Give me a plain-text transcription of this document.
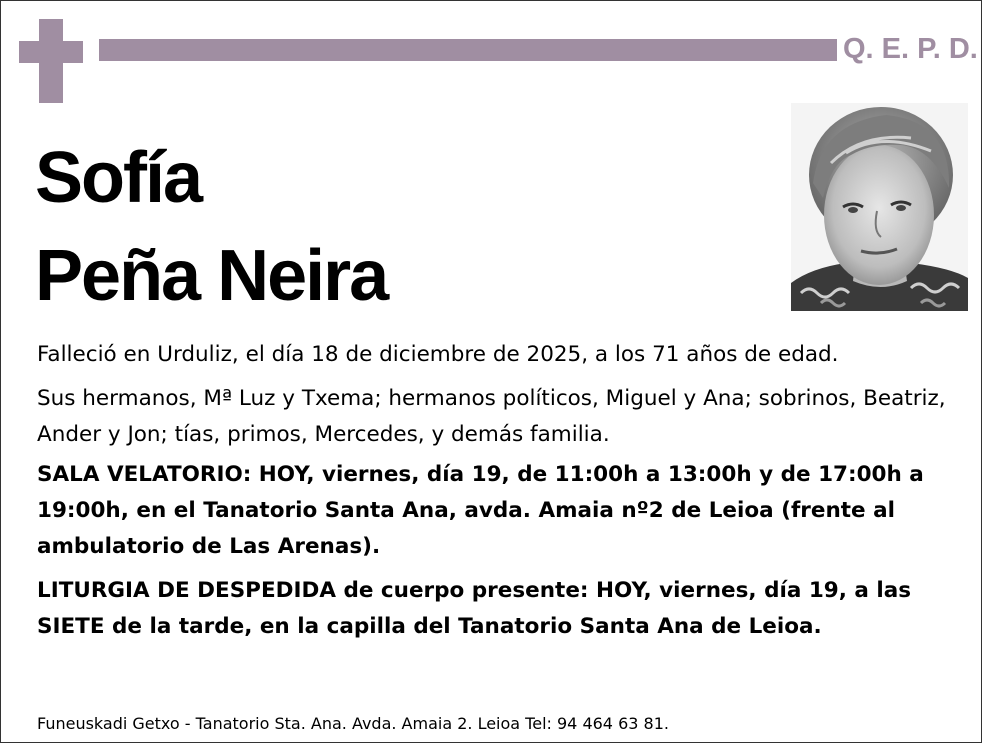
Q. E. P. D.
Sofía
Peña Neira
Falleció en Urduliz, el día 18 de diciembre de 2025, a los 71 años de edad.
Sus hermanos, Mª Luz y Txema; hermanos políticos, Miguel y Ana; sobrinos, Beatriz, Ander y Jon; tías, primos, Mercedes, y demás familia.
SALA VELATORIO: HOY, viernes, día 19, de 11:00h a 13:00h y de 17:00h a 19:00h, en el Tanatorio Santa Ana, avda. Amaia nº2 de Leioa (frente al ambulatorio de Las Arenas).
LITURGIA DE DESPEDIDA de cuerpo presente: HOY, viernes, día 19, a las SIETE de la tarde, en la capilla del Tanatorio Santa Ana de Leioa.
Funeuskadi Getxo - Tanatorio Sta. Ana. Avda. Amaia 2. Leioa Tel: 94 464 63 81.
